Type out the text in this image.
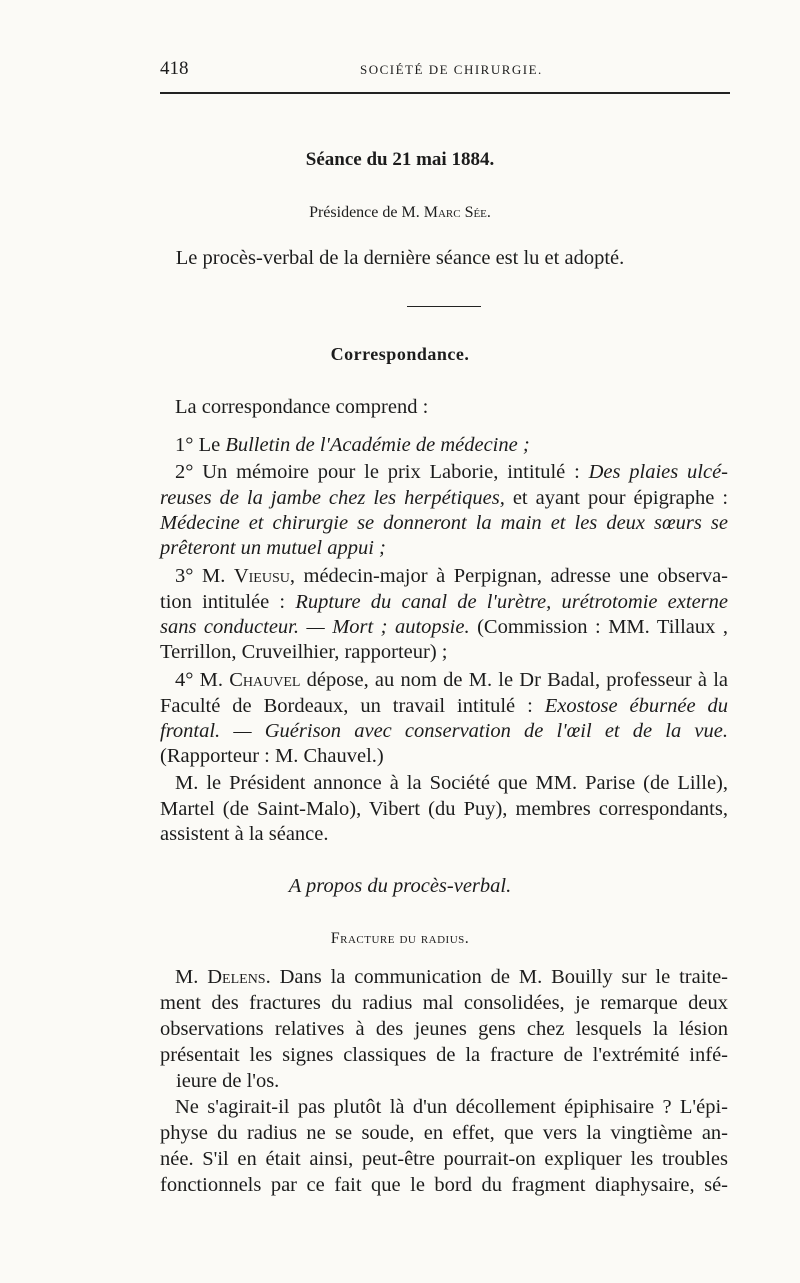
418	SOCIÉTÉ DE CHIRURGIE.
Séance du 21 mai 1884.
Présidence de M. Marc Sée.
Le procès-verbal de la dernière séance est lu et adopté.
Correspondance.
La correspondance comprend :
1° Le Bulletin de l'Académie de médecine ;
2° Un mémoire pour le prix Laborie, intitulé : Des plaies ulcé-
reuses de la jambe chez les herpétiques, et ayant pour épigraphe :
Médecine et chirurgie se donneront la main et les deux sœurs se
prêteront un mutuel appui ;
3° M. Vieusu, médecin-major à Perpignan, adresse une observa-
tion intitulée : Rupture du canal de l'urètre, urétrotomie externe
sans conducteur. — Mort ; autopsie. (Commission : MM. Tillaux ,
Terrillon, Cruveilhier, rapporteur) ;
4° M. Chauvel dépose, au nom de M. le Dr Badal, professeur à la
Faculté de Bordeaux, un travail intitulé : Exostose éburnée du
frontal. — Guérison avec conservation de l'œil et de la vue.
(Rapporteur : M. Chauvel.)
M. le Président annonce à la Société que MM. Parise (de Lille),
Martel (de Saint-Malo), Vibert (du Puy), membres correspondants,
assistent à la séance.
A propos du procès-verbal.
Fracture du radius.
M. Delens. Dans la communication de M. Bouilly sur le traite-
ment des fractures du radius mal consolidées, je remarque deux
observations relatives à des jeunes gens chez lesquels la lésion
présentait les signes classiques de la fracture de l'extrémité infé-
ieure de l'os.
Ne s'agirait-il pas plutôt là d'un décollement épiphisaire ? L'épi-
physe du radius ne se soude, en effet, que vers la vingtième an-
née. S'il en était ainsi, peut-être pourrait-on expliquer les troubles
fonctionnels par ce fait que le bord du fragment diaphysaire, sé-
